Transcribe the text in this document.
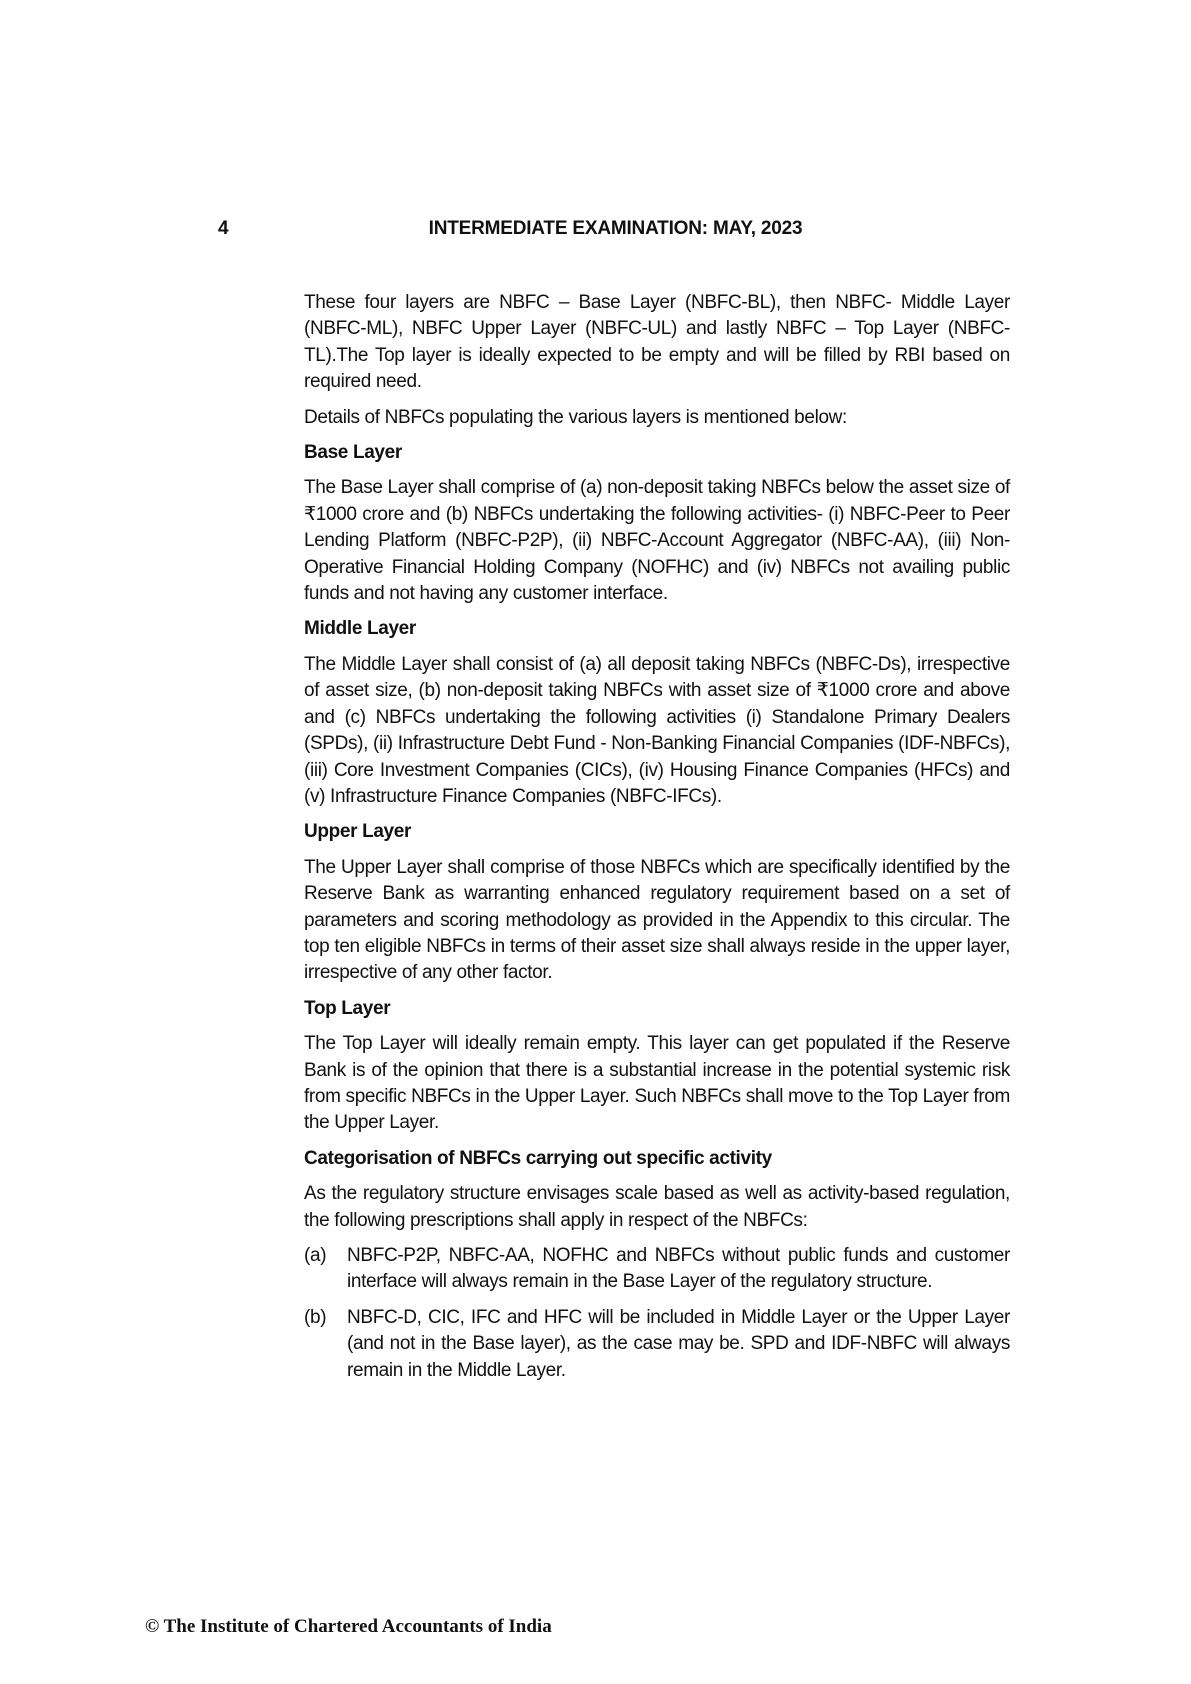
4	INTERMEDIATE EXAMINATION: MAY, 2023

These four layers are NBFC – Base Layer (NBFC-BL), then NBFC- Middle Layer (NBFC-ML), NBFC Upper Layer (NBFC-UL) and lastly NBFC – Top Layer (NBFC-TL).The Top layer is ideally expected to be empty and will be filled by RBI based on required need.

Details of NBFCs populating the various layers is mentioned below:

Base Layer

The Base Layer shall comprise of (a) non-deposit taking NBFCs below the asset size of ₹1000 crore and (b) NBFCs undertaking the following activities- (i) NBFC-Peer to Peer Lending Platform (NBFC-P2P), (ii) NBFC-Account Aggregator (NBFC-AA), (iii) Non-Operative Financial Holding Company (NOFHC) and (iv) NBFCs not availing public funds and not having any customer interface.

Middle Layer

The Middle Layer shall consist of (a) all deposit taking NBFCs (NBFC-Ds), irrespective of asset size, (b) non-deposit taking NBFCs with asset size of ₹1000 crore and above and (c) NBFCs undertaking the following activities (i) Standalone Primary Dealers (SPDs), (ii) Infrastructure Debt Fund - Non-Banking Financial Companies (IDF-NBFCs), (iii) Core Investment Companies (CICs), (iv) Housing Finance Companies (HFCs) and (v) Infrastructure Finance Companies (NBFC-IFCs).

Upper Layer

The Upper Layer shall comprise of those NBFCs which are specifically identified by the Reserve Bank as warranting enhanced regulatory requirement based on a set of parameters and scoring methodology as provided in the Appendix to this circular. The top ten eligible NBFCs in terms of their asset size shall always reside in the upper layer, irrespective of any other factor.

Top Layer

The Top Layer will ideally remain empty. This layer can get populated if the Reserve Bank is of the opinion that there is a substantial increase in the potential systemic risk from specific NBFCs in the Upper Layer. Such NBFCs shall move to the Top Layer from the Upper Layer.

Categorisation of NBFCs carrying out specific activity

As the regulatory structure envisages scale based as well as activity-based regulation, the following prescriptions shall apply in respect of the NBFCs:

(a)	NBFC-P2P, NBFC-AA, NOFHC and NBFCs without public funds and customer interface will always remain in the Base Layer of the regulatory structure.
(b)	NBFC-D, CIC, IFC and HFC will be included in Middle Layer or the Upper Layer (and not in the Base layer), as the case may be. SPD and IDF-NBFC will always remain in the Middle Layer.
© The Institute of Chartered Accountants of India
